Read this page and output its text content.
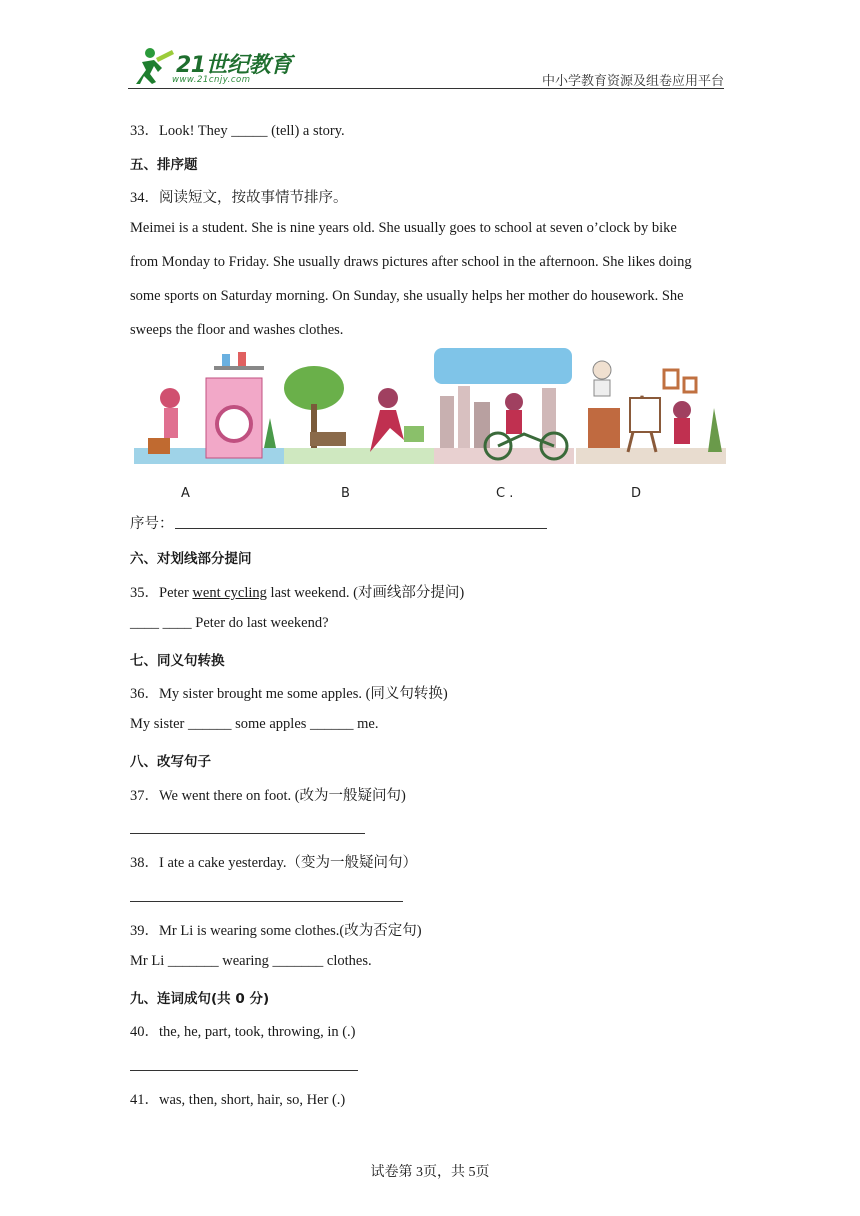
21世纪教育
www.21cnjy.com	中小学教育资源及组卷应用平台
33．Look! They _____ (tell) a story.
五、排序题
34．阅读短文，按故事情节排序。
Meimei is a student. She is nine years old. She usually goes to school at seven o’clock by bike
from Monday to Friday. She usually draws pictures after school in the afternoon. She likes doing
some sports on Saturday morning. On Sunday, she usually helps her mother do housework. She
sweeps the floor and washes clothes.
A	B	C .	D
序号：
六、对划线部分提问
35．Peter went cycling last weekend. (对画线部分提问)
____ ____ Peter do last weekend?
七、同义句转换
36．My sister brought me some apples. (同义句转换)
My sister ______ some apples ______ me.
八、改写句子
37．We went there on foot. (改为一般疑问句)
38．I ate a cake yesterday.（变为一般疑问句）
39．Mr Li is wearing some clothes.(改为否定句)
Mr Li _______ wearing _______ clothes.
九、连词成句(共 0 分)
40．the, he, part, took, throwing, in (.)
41．was, then, short, hair, so, Her (.)
试卷第 3页，共 5页
